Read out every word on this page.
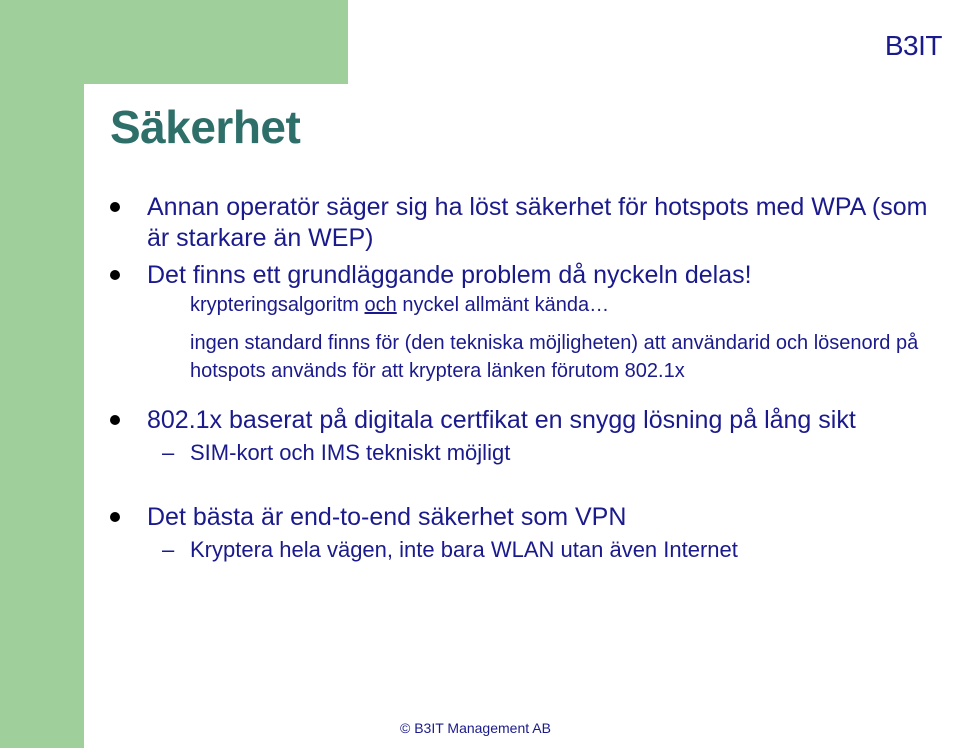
B3IT
Säkerhet
Annan operatör säger sig ha löst säkerhet för hotspots med WPA (som är starkare än WEP)
Det finns ett grundläggande problem då nyckeln delas!
krypteringsalgoritm och nyckel allmänt kända…
ingen standard finns för (den tekniska möjligheten) att användarid och lösenord på hotspots används för att kryptera länken förutom 802.1x
802.1x baserat på digitala certfikat en snygg lösning på lång sikt
– SIM-kort och IMS tekniskt möjligt
Det bästa är end-to-end säkerhet som VPN
– Kryptera hela vägen, inte bara WLAN utan även Internet
© B3IT Management AB
